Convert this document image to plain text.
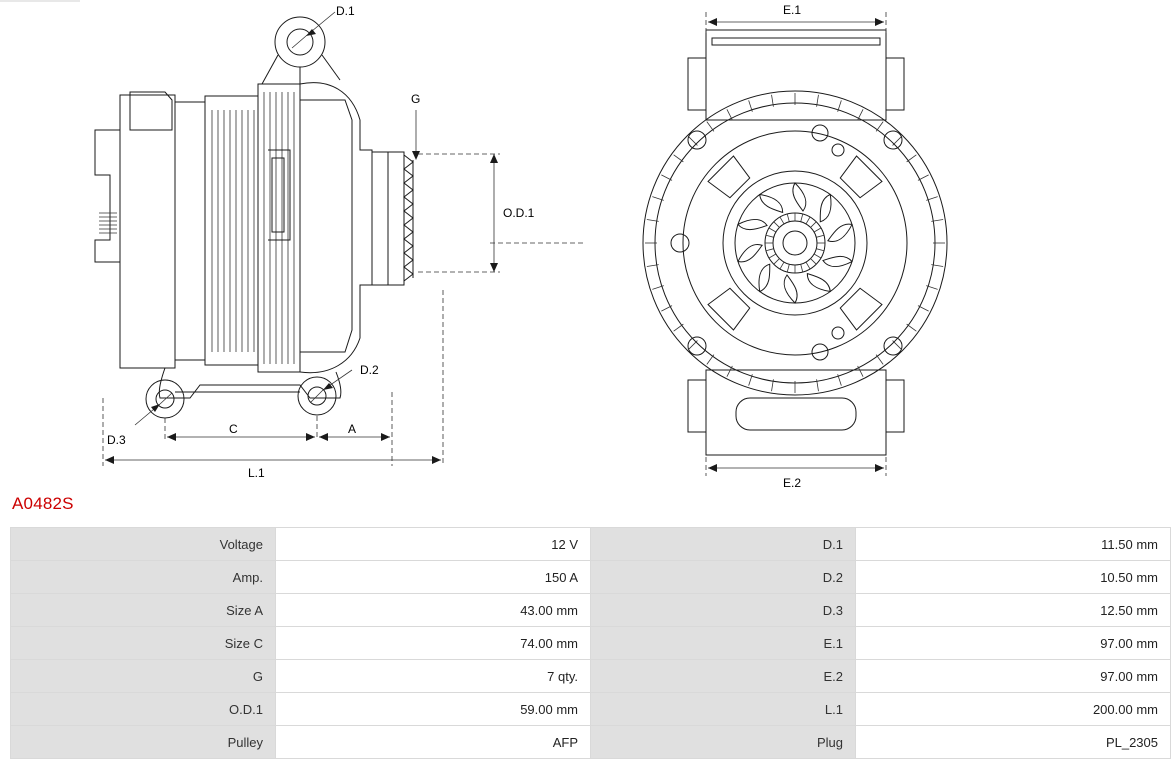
D.1
D.2
D.3
G
O.D.1
C	A
L.1
E.1
E.2
A0482S
Voltage	12 V	D.1	11.50 mm
Amp.	150 A	D.2	10.50 mm
Size A	43.00 mm	D.3	12.50 mm
Size C	74.00 mm	E.1	97.00 mm
G	7 qty.	E.2	97.00 mm
O.D.1	59.00 mm	L.1	200.00 mm
Pulley	AFP	Plug	PL_2305
